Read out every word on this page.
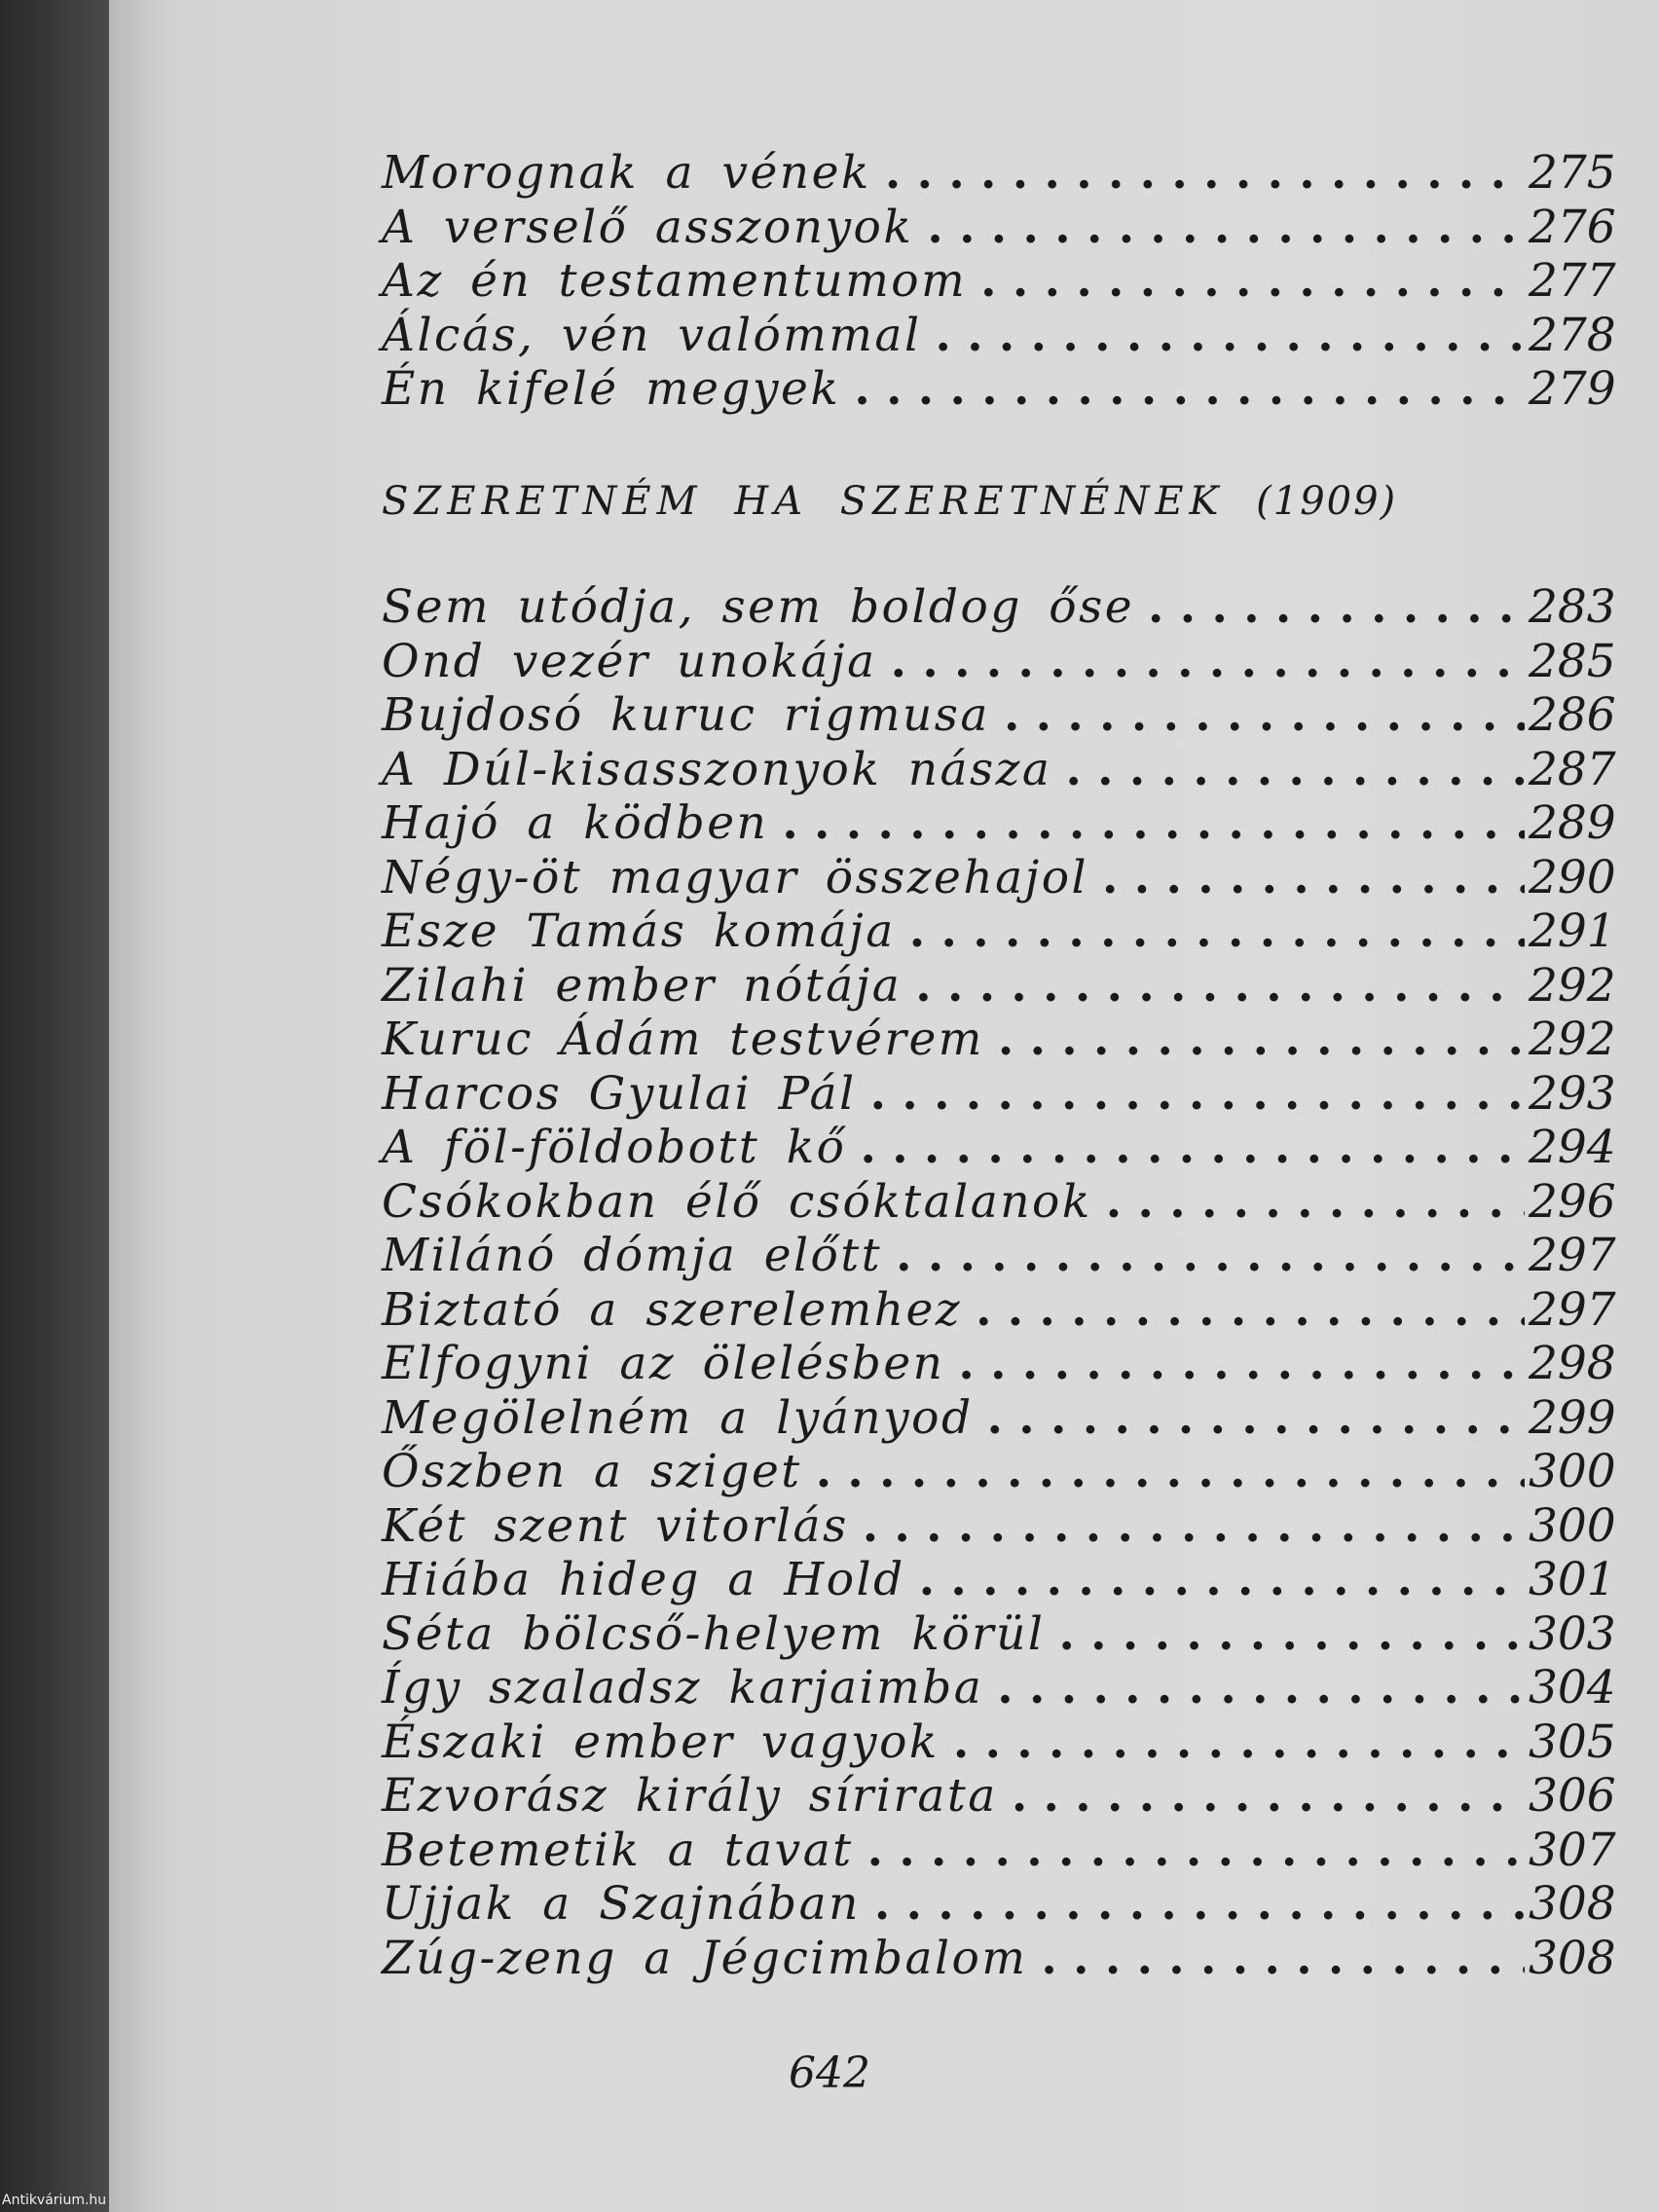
Morognak a vének . . .	275
A verselő asszonyok . . .	276
Az én testamentumom . . .	277
Álcás, vén valómmal . . .	278
Én kifelé megyek . . .	279
SZERETNÉM HA SZERETNÉNEK (1909)
Sem utódja, sem boldog őse . . .	283
Ond vezér unokája . . .	285
Bujdosó kuruc rigmusa . . .	286
A Dúl-kisasszonyok násza . . .	287
Hajó a ködben . . .	289
Négy-öt magyar összehajol . . .	290
Esze Tamás komája . . .	291
Zilahi ember nótája . . .	292
Kuruc Ádám testvérem . . .	292
Harcos Gyulai Pál . . .	293
A föl-földobott kő . . .	294
Csókokban élő csóktalanok . . .	296
Milánó dómja előtt . . .	297
Biztató a szerelemhez . . .	297
Elfogyni az ölelésben . . .	298
Megölelném a lyányod . . .	299
Őszben a sziget . . .	300
Két szent vitorlás . . .	300
Hiába hideg a Hold . . .	301
Séta bölcső-helyem körül . . .	303
Így szaladsz karjaimba . . .	304
Északi ember vagyok . . .	305
Ezvorász király sírirata . . .	306
Betemetik a tavat . . .	307
Ujjak a Szajnában . . .	308
Zúg-zeng a Jégcimbalom . . .	308
642
Antikvárium.hu
